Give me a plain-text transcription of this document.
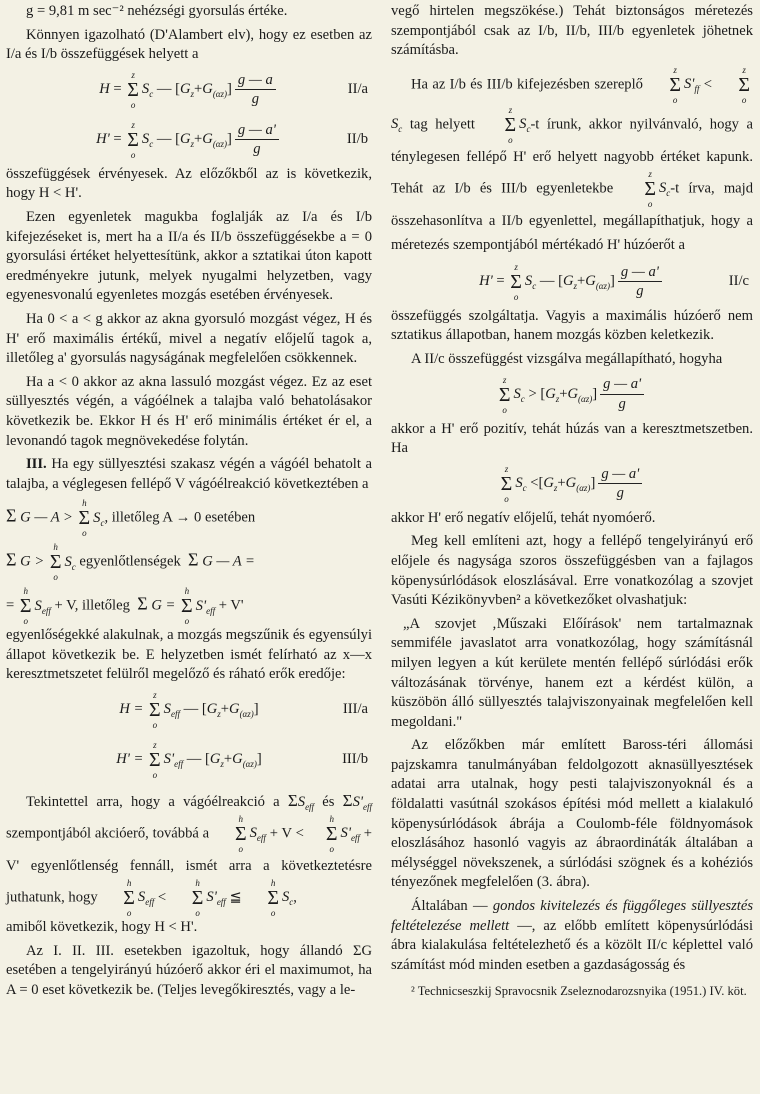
g = 9,81 m sec⁻² nehézségi gyorsulás értéke.

Könnyen igazolható (D'Alambert elv), hogy ez esetben az I/a és I/b összefüggések helyett a

H =
z
Σ
o
$S_c$ — [ $G_z + G_{(\alpha z)}$ ] $\frac{g — a}{g}$	II/a
H' =
z
Σ
o
$S_c$ — [ $G_z + G_{(\alpha z)}$ ] $\frac{g — a'}{g}$	II/b

összefüggések érvényesek. Az előzőkből az is következik, hogy H < H'.

Ezen egyenletek magukba foglalják az I/a és I/b kifejezéseket is, mert ha a II/a és II/b összefüggésekbe a = 0 gyorsulási értéket helyettesítünk, akkor a sztatikai úton kapott eredményekre jutunk, melyek nyugalmi helyzetben, vagy egyenesvonalú egyenletes mozgás esetében érvényesek.

Ha 0 < a < g akkor az akna gyorsuló mozgást végez, H és H' erő maximális értékű, mivel a negatív előjelű tagok a, illetőleg a' gyorsulás nagyságának megfelelően csökkennek.

Ha a < 0 akkor az akna lassuló mozgást végez. Ez az eset süllyesztés végén, a vágóélnek a talajba való behatolásakor következik be. Ekkor H és H' erő minimális értéket ér el, a levonandó tagok megnövekedése folytán.

III. Ha egy süllyesztési szakasz végén a vágóél behatolt a talajba, a véglegesen fellépő V vágóélreakció következtében a

Σ G — A >
h
Σ
o
$S_c$, illetőleg A → 0 esetében

Σ G >
h
Σ
o
$S_c$ egyenlőtlenségek  Σ G — A =

=
h
Σ
o
$S_{eff} + V$, illetőleg  Σ G =
h
Σ
o
$S'_{eff} + V'$

egyenlőségekké alakulnak, a mozgás megszűnik és egyensúlyi állapot következik be. E helyzetben ismét felírható az x—x keresztmetszetet felülről megelőző és ráható erők eredője:

H =

z
Σ
o
$S_{eff}$ — [ $G_z + G_{(\alpha z)}$ ]	III/a
H' =

z
Σ
o
$S'_{eff}$ — [ $G_z + G_{(\alpha z)}$ ]	III/b

Tekintettel arra, hogy a vágóélreakció a $\Sigma S_{eff}$ és $\Sigma S'_{eff}$ szempontjából akcióerő, továbbá a
h
Σ
o
$S_{eff} + V$ <
h
Σ
o
$S'_{eff} + V'$ egyenlőtlenség fennáll, ismét arra a következtetésre juthatunk, hogy
h
Σ
o
$S_{eff}$ <
h
Σ
o
$S'_{eff}$ ≦
h
Σ
o
$S_c$,

amiből következik, hogy H < H'.

Az I. II. III. esetekben igazoltuk, hogy állandó ΣG esetében a tengelyirányú húzóerő akkor éri el maximumot, ha A = 0 eset következik be. (Teljes levegőkiresztés, vagy a le-

vegő hirtelen megszökése.) Tehát biztonságos méretezés szempontjából csak az I/b, II/b, III/b egyenletek jöhetnek számításba.

Ha az I/b és III/b kifejezésben szereplő
z
Σ
o
$S'_{ff}$ <
z
Σ
o
$S_c$ tag helyett
z
Σ
o
$S_c-t$ írunk, akkor nyilvánvaló, hogy a ténylegesen fellépő H' erő helyett nagyobb értéket kapunk. Tehát az I/b és III/b egyenletekbe
z
Σ
o
$S_c-t$ írva, majd összehasonlítva a II/b egyenlettel, megállapíthatjuk, hogy a méretezés szempontjából mértékadó H' húzóerőt a

H' =
z
Σ
o
$S_c$ — [ $G_z + G_{(\alpha z)}$ ] $\frac{g — a'}{g}$	II/c

összefüggés szolgáltatja. Vagyis a maximális húzóerő nem sztatikus állapotban, hanem mozgás közben keletkezik.

A II/c összefüggést vizsgálva megállapítható, hogyha

z
Σ
o
$S_c$ > [ $G_z + G_{(\alpha z)}$ ] $\frac{g — a'}{g}$

akkor a H' erő pozitív, tehát húzás van a keresztmetszetben. Ha

z
Σ
o
$S_c$ <[ $G_z + G_{(\alpha z)}$ ] $\frac{g — a'}{g}$

akkor H' erő negatív előjelű, tehát nyomóerő.

Meg kell említeni azt, hogy a fellépő tengelyirányú erő előjele és nagysága szoros összefüggésben van a fajlagos köpenysúrlódások eloszlásával. Erre vonatkozólag a szovjet Vasúti Kézikönyvben² a következőket olvashatjuk:

„A szovjet ‚Műszaki Előírások' nem tartalmaznak semmiféle javaslatot arra vonatkozólag, hogy számításnál milyen legyen a kút kerülete mentén fellépő súrlódási erők változásának törvénye, hanem ezt a kérdést külön, a küszöbön álló süllyesztés talajviszonyainak megfelelően kell megoldani."

Az előzőkben már említett Baross-téri állomási pajzskamra tanulmányában feldolgozott aknasüllyesztések adatai arra utalnak, hogy pesti talajviszonyoknál és a földalatti vasútnál szokásos építési mód mellett a kialakuló köpenysúrlódások ábrája a Coulomb-féle földnyomások eloszlásához hasonló vagyis az ábraordináták általában a mélységgel növekszenek, a súrlódási szögnek és a kohéziós tényezőnek megfelelően (3. ábra).

Általában — gondos kivitelezés és függőleges süllyesztés feltételezése mellett —, az előbb említett köpenysúrlódási ábra kialakulása feltételezhető és a közölt II/c képlettel való számítást mód minden esetben a gazdaságosság és

² Technicseszkij Spravocsnik Zseleznodarozsnyika (1951.) IV. köt.
